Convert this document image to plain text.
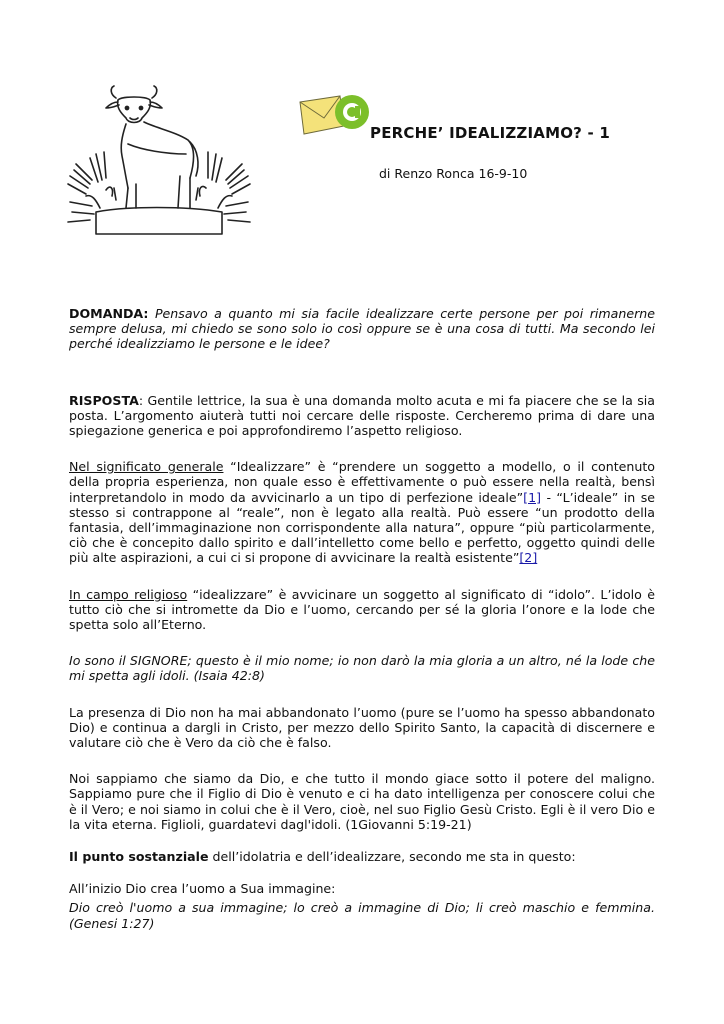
PERCHE’ IDEALIZZIAMO? - 1
di Renzo Ronca 16-9-10

DOMANDA: Pensavo a quanto mi sia facile idealizzare certe persone per poi rimanerne sempre delusa, mi chiedo se sono solo io così oppure se è una cosa di tutti. Ma secondo lei perché idealizziamo le persone e le idee?

RISPOSTA: Gentile lettrice, la sua è una domanda molto acuta e mi fa piacere che se la sia posta. L’argomento aiuterà tutti noi cercare delle risposte. Cercheremo prima di dare una spiegazione generica e poi approfondiremo l’aspetto religioso.

Nel significato generale “Idealizzare” è “prendere un soggetto a modello, o il contenuto della propria esperienza, non quale esso è effettivamente o può essere nella realtà, bensì interpretandolo in modo da avvicinarlo a un tipo di perfezione ideale”[1] - “L’ideale” in se stesso si contrappone al “reale”, non è legato alla realtà. Può essere “un prodotto della fantasia, dell’immaginazione non corrispondente alla natura”, oppure “più particolarmente, ciò che è concepito dallo spirito e dall’intelletto come bello e perfetto, oggetto quindi delle più alte aspirazioni, a cui ci si propone di avvicinare la realtà esistente”[2]

In campo religioso “idealizzare” è avvicinare un soggetto al significato di “idolo”. L’idolo è tutto ciò che si intromette da Dio e l’uomo, cercando per sé la gloria l’onore e la lode che spetta solo all’Eterno.

Io sono il SIGNORE; questo è il mio nome; io non darò la mia gloria a un altro, né la lode che mi spetta agli idoli. (Isaia 42:8)

La presenza di Dio non ha mai abbandonato l’uomo (pure se l’uomo ha spesso abbandonato Dio) e continua a dargli in Cristo, per mezzo dello Spirito Santo, la capacità di discernere e valutare ciò che è Vero da ciò che è falso.

Noi sappiamo che siamo da Dio, e che tutto il mondo giace sotto il potere del maligno. Sappiamo pure che il Figlio di Dio è venuto e ci ha dato intelligenza per conoscere colui che è il Vero; e noi siamo in colui che è il Vero, cioè, nel suo Figlio Gesù Cristo. Egli è il vero Dio e la vita eterna. Figlioli, guardatevi dagl'idoli. (1Giovanni 5:19-21)

Il punto sostanziale dell’idolatria e dell’idealizzare, secondo me sta in questo:

All’inizio Dio crea l’uomo a Sua immagine:

Dio creò l'uomo a sua immagine; lo creò a immagine di Dio; li creò maschio e femmina. (Genesi 1:27)
